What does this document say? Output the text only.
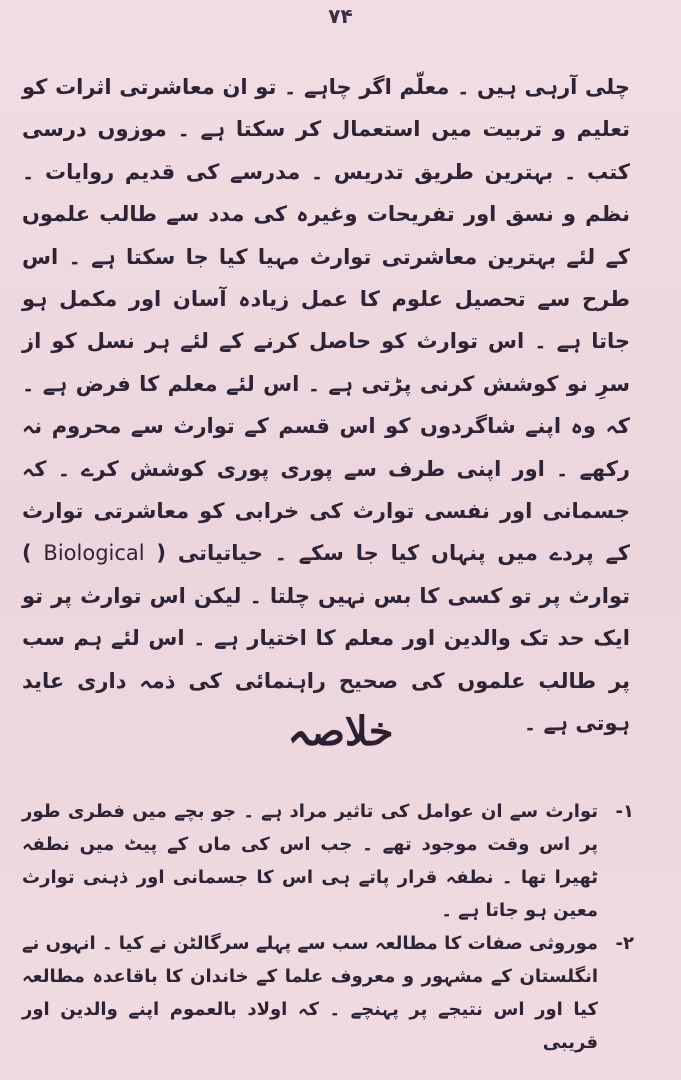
۷۴

چلی آرہی ہیں ۔ معلّم اگر چاہے ۔ تو ان معاشرتی اثرات کو تعلیم و تربیت میں استعمال کر سکتا ہے ۔ موزوں درسی کتب ۔ بہترین طریق تدریس ۔ مدرسے کی قدیم روایات ۔ نظم و نسق اور تفریحات وغیرہ کی مدد سے طالب علموں کے لئے بہترین معاشرتی توارث مہیا کیا جا سکتا ہے ۔ اس طرح سے تحصیل علوم کا عمل زیادہ آسان اور مکمل ہو جاتا ہے ۔ اس توارث کو حاصل کرنے کے لئے ہر نسل کو از سرِ نو کوشش کرنی پڑتی ہے ۔ اس لئے معلم کا فرض ہے ۔ کہ وہ اپنے شاگردوں کو اس قسم کے توارث سے محروم نہ رکھے ۔ اور اپنی طرف سے پوری پوری کوشش کرے ۔ کہ جسمانی اور نفسی توارث کی خرابی کو معاشرتی توارث کے پردے میں پنہاں کیا جا سکے ۔ حیاتیاتی ( Biological ) توارث پر تو کسی کا بس نہیں چلتا ۔ لیکن اس توارث پر تو ایک حد تک والدین اور معلم کا اختیار ہے ۔ اس لئے ہم سب پر طالب علموں کی صحیح راہنمائی کی ذمہ داری عاید ہوتی ہے ۔

خلاصہ
۱-
توارث سے ان عوامل کی تاثیر مراد ہے ۔ جو بچے میں فطری طور پر اس وقت موجود تھے ۔ جب اس کی ماں کے پیٹ میں نطفہ ٹھیرا تھا ۔ نطفہ قرار پاتے ہی اس کا جسمانی اور ذہنی توارث معین ہو جاتا ہے ۔
۲-
موروثی صفات کا مطالعہ سب سے پہلے سرگالٹن نے کیا ۔ انہوں نے انگلستان کے مشہور و معروف علما کے خاندان کا باقاعدہ مطالعہ کیا اور اس نتیجے پر پہنچے ۔ کہ اولاد بالعموم اپنے والدین اور قریبی
